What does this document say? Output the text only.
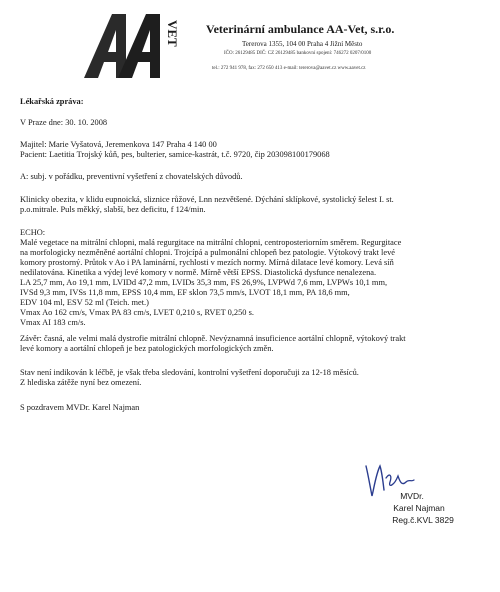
VET Veterinární ambulance AA-Vet, s.r.o.
Tererova 1355, 104 00 Praha 4 Jižní Město
IČO: 26129485 DIČ: CZ 26129485 bankovní spojení: 746272 0207/0100
tel.: 272 941 978, fax: 272 650 413 e-mail: tererova@aavet.cz www.aavet.cz
Lékařská zpráva:
V Praze dne: 30. 10. 2008
Majitel: Marie Vyšatová, Jeremenkova 147 Praha 4 140 00
Pacient: Laetitia Trojský kůň, pes, bulterier, samice-kastrát, t.č. 9720, čip 203098100179068
A: subj. v pořádku, preventivní vyšetření z chovatelských důvodů.
Klinicky obezita, v klidu eupnoická, sliznice růžové, Lnn nezvětšené. Dýchání sklípkové, systolický šelest I. st.
p.o.mitrale. Puls měkký, slabší, bez deficitu, f 124/min.
ECHO:
Malé vegetace na mitrální chlopni, malá regurgitace na mitrální chlopni, centroposteriorním směrem. Regurgitace
na morfologicky nezměněné aortální chlopni. Trojcípá a pulmonální chlopeň bez patologie. Výtokový trakt levé
komory prostorný. Průtok v Ao i PA laminární, rychlosti v mezích normy. Mírná dilatace levé komory. Levá síň
nedilatována. Kinetika a výdej levé komory v normě. Mírně větší EPSS. Diastolická dysfunce nenalezena.
LA 25,7 mm, Ao 19,1 mm, LVIDd 47,2 mm, LVIDs 35,3 mm, FS 26,9%, LVPWd 7,6 mm, LVPWs 10,1 mm,
IVSd 9,3 mm, IVSs 11,8 mm, EPSS 10,4 mm, EF sklon 73,5 mm/s, LVOT 18,1 mm, PA 18,6 mm,
EDV 104 ml, ESV 52 ml (Teich. met.)
Vmax Ao 162 cm/s, Vmax PA 83 cm/s, LVET 0,210 s, RVET 0,250 s.
Vmax AI 183 cm/s.
Závěr: časná, ale velmi malá dystrofie mitrální chlopně. Nevýznamná insuficience aortální chlopně, výtokový trakt
levé komory a aortální chlopeň je bez patologických morfologických změn.
Stav není indikován k léčbě, je však třeba sledování, kontrolní vyšetření doporučuji za 12-18 měsíců.
Z hlediska zátěže nyní bez omezení.
S pozdravem MVDr. Karel Najman
MVDr.
Karel Najman
Reg.č.KVL 3829
